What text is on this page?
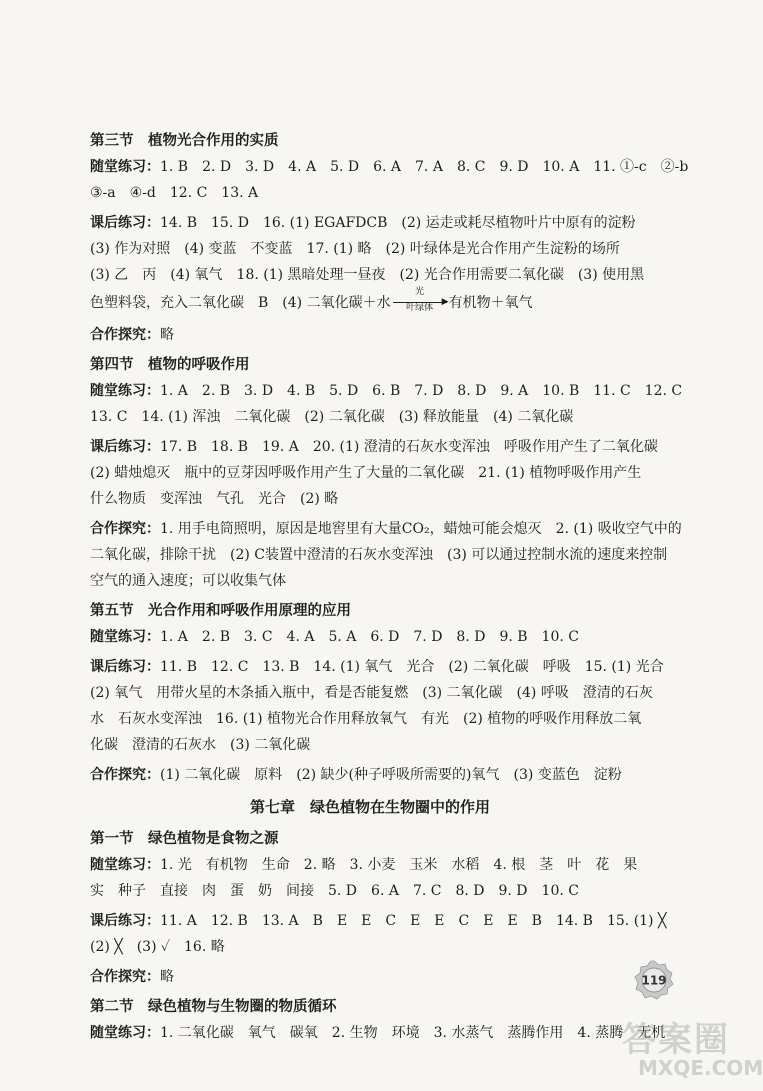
第三节　植物光合作用的实质
随堂练习：1. B　2. D　3. D　4. A　5. D　6. A　7. A　8. C　9. D　10. A　11. ①-c　②-b
③-a　④-d　12. C　13. A
课后练习：14. B　15. D　16. (1) EGAFDCB　(2) 运走或耗尽植物叶片中原有的淀粉
(3) 作为对照　(4) 变蓝　不变蓝　17. (1) 略　(2) 叶绿体是光合作用产生淀粉的场所
(3) 乙　丙　(4) 氧气　18. (1) 黑暗处理一昼夜　(2) 光合作用需要二氧化碳　(3) 使用黑
色塑料袋，充入二氧化碳　B　(4) 二氧化碳＋水
光
▶
叶绿体	有机物＋氧气
合作探究：略
第四节　植物的呼吸作用
随堂练习：1. A　2. B　3. D　4. B　5. D　6. B　7. D　8. D　9. A　10. B　11. C　12. C
13. C　14. (1) 浑浊　二氧化碳　(2) 二氧化碳　(3) 释放能量　(4) 二氧化碳
课后练习：17. B　18. B　19. A　20. (1) 澄清的石灰水变浑浊　呼吸作用产生了二氧化碳
(2) 蜡烛熄灭　瓶中的豆芽因呼吸作用产生了大量的二氧化碳　21. (1) 植物呼吸作用产生
什么物质　变浑浊　气孔　光合　(2) 略
合作探究：1. 用手电筒照明，原因是地窖里有大量CO₂，蜡烛可能会熄灭　2. (1) 吸收空气中的
二氧化碳，排除干扰　(2) C装置中澄清的石灰水变浑浊　(3) 可以通过控制水流的速度来控制
空气的通入速度；可以收集气体
第五节　光合作用和呼吸作用原理的应用
随堂练习：1. A　2. B　3. C　4. A　5. A　6. D　7. D　8. D　9. B　10. C
课后练习：11. B　12. C　13. B　14. (1) 氧气　光合　(2) 二氧化碳　呼吸　15. (1) 光合
(2) 氧气　用带火星的木条插入瓶中，看是否能复燃　(3) 二氧化碳　(4) 呼吸　澄清的石灰
水　石灰水变浑浊　16. (1) 植物光合作用释放氧气　有光　(2) 植物的呼吸作用释放二氧
化碳　澄清的石灰水　(3) 二氧化碳
合作探究：(1) 二氧化碳　原料　(2) 缺少(种子呼吸所需要的)氧气　(3) 变蓝色　淀粉
第七章　绿色植物在生物圈中的作用
第一节　绿色植物是食物之源
随堂练习：1. 光　有机物　生命　2. 略　3. 小麦　玉米　水稻　4. 根　茎　叶　花　果
实　种子　直接　肉　蛋　奶　间接　5. D　6. A　7. C　8. D　9. D　10. C
课后练习：11. A　12. B　13. A　B　E　E　C　E　E　C　E　E　B　14. B　15. (1) ╳
(2) ╳　(3) ✓　16. 略
合作探究：略
第二节　绿色植物与生物圈的物质循环
随堂练习：1. 二氧化碳　氧气　碳氧　2. 生物　环境　3. 水蒸气　蒸腾作用　4. 蒸腾　无机
119
答案圈
MXQE.COM
